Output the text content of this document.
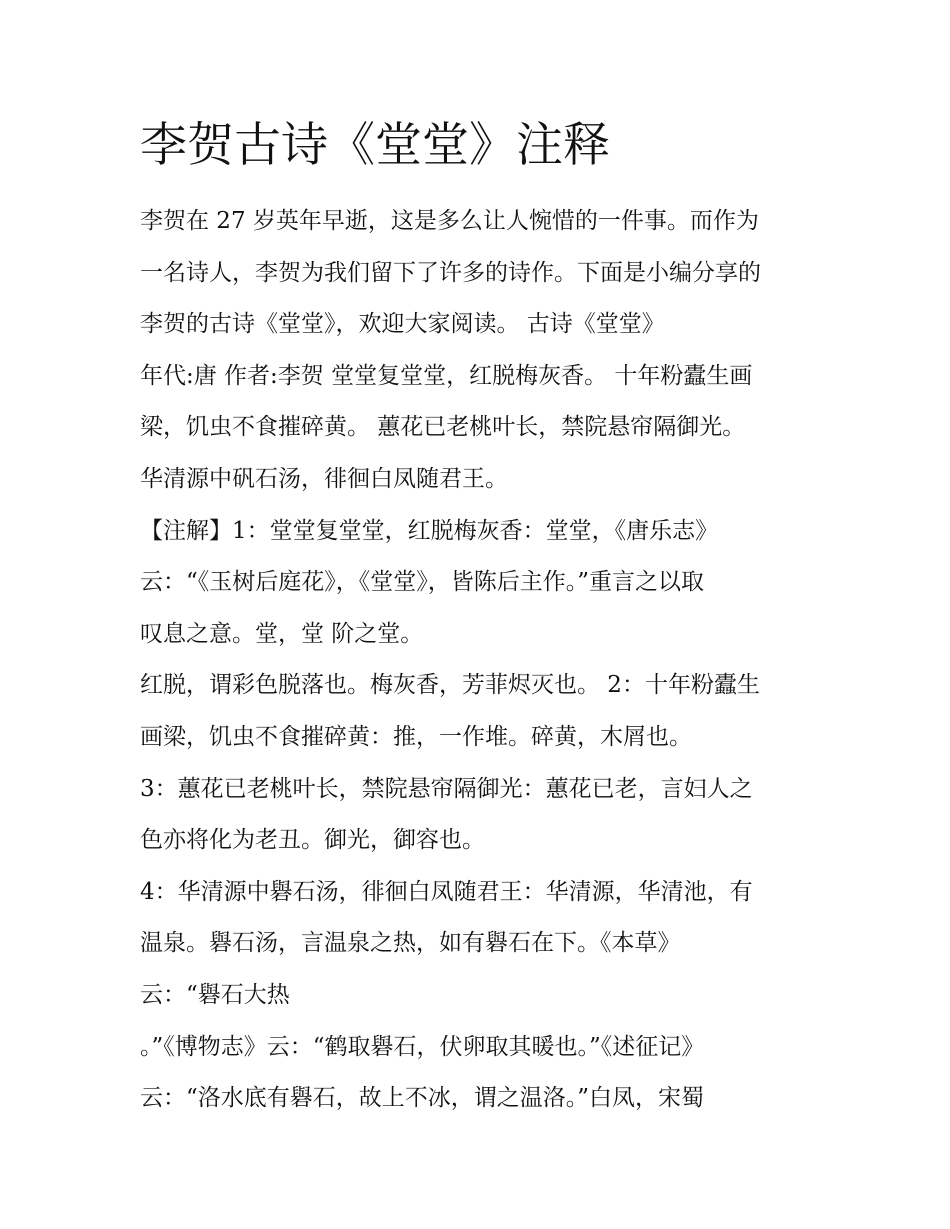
李贺古诗《堂堂》注释
李贺在 27 岁英年早逝，这是多么让人惋惜的一件事。而作为
一名诗人，李贺为我们留下了许多的诗作。下面是小编分享的
李贺的古诗《堂堂》，欢迎大家阅读。 古诗《堂堂》
年代:唐 作者:李贺 堂堂复堂堂，红脱梅灰香。 十年粉蠹生画
梁，饥虫不食摧碎黄。 蕙花已老桃叶长，禁院悬帘隔御光。
华清源中矾石汤，徘徊白凤随君王。
【注解】1：堂堂复堂堂，红脱梅灰香：堂堂，《唐乐志》
云：“《玉树后庭花》，《堂堂》，皆陈后主作。”重言之以取
叹息之意。堂，堂 阶之堂。
红脱，谓彩色脱落也。梅灰香，芳菲烬灭也。 2：十年粉蠹生
画梁，饥虫不食摧碎黄：推，一作堆。碎黄，木屑也。
3：蕙花已老桃叶长，禁院悬帘隔御光：蕙花已老，言妇人之
色亦将化为老丑。御光，御容也。
4：华清源中礜石汤，徘徊白凤随君王：华清源，华清池，有
温泉。礜石汤，言温泉之热，如有礜石在下。《本草》
云：“礜石大热
。”《博物志》云：“鹤取礜石，伏卵取其暖也。”《述征记》
云：“洛水底有礜石，故上不冰，谓之温洛。”白凤，宋蜀
